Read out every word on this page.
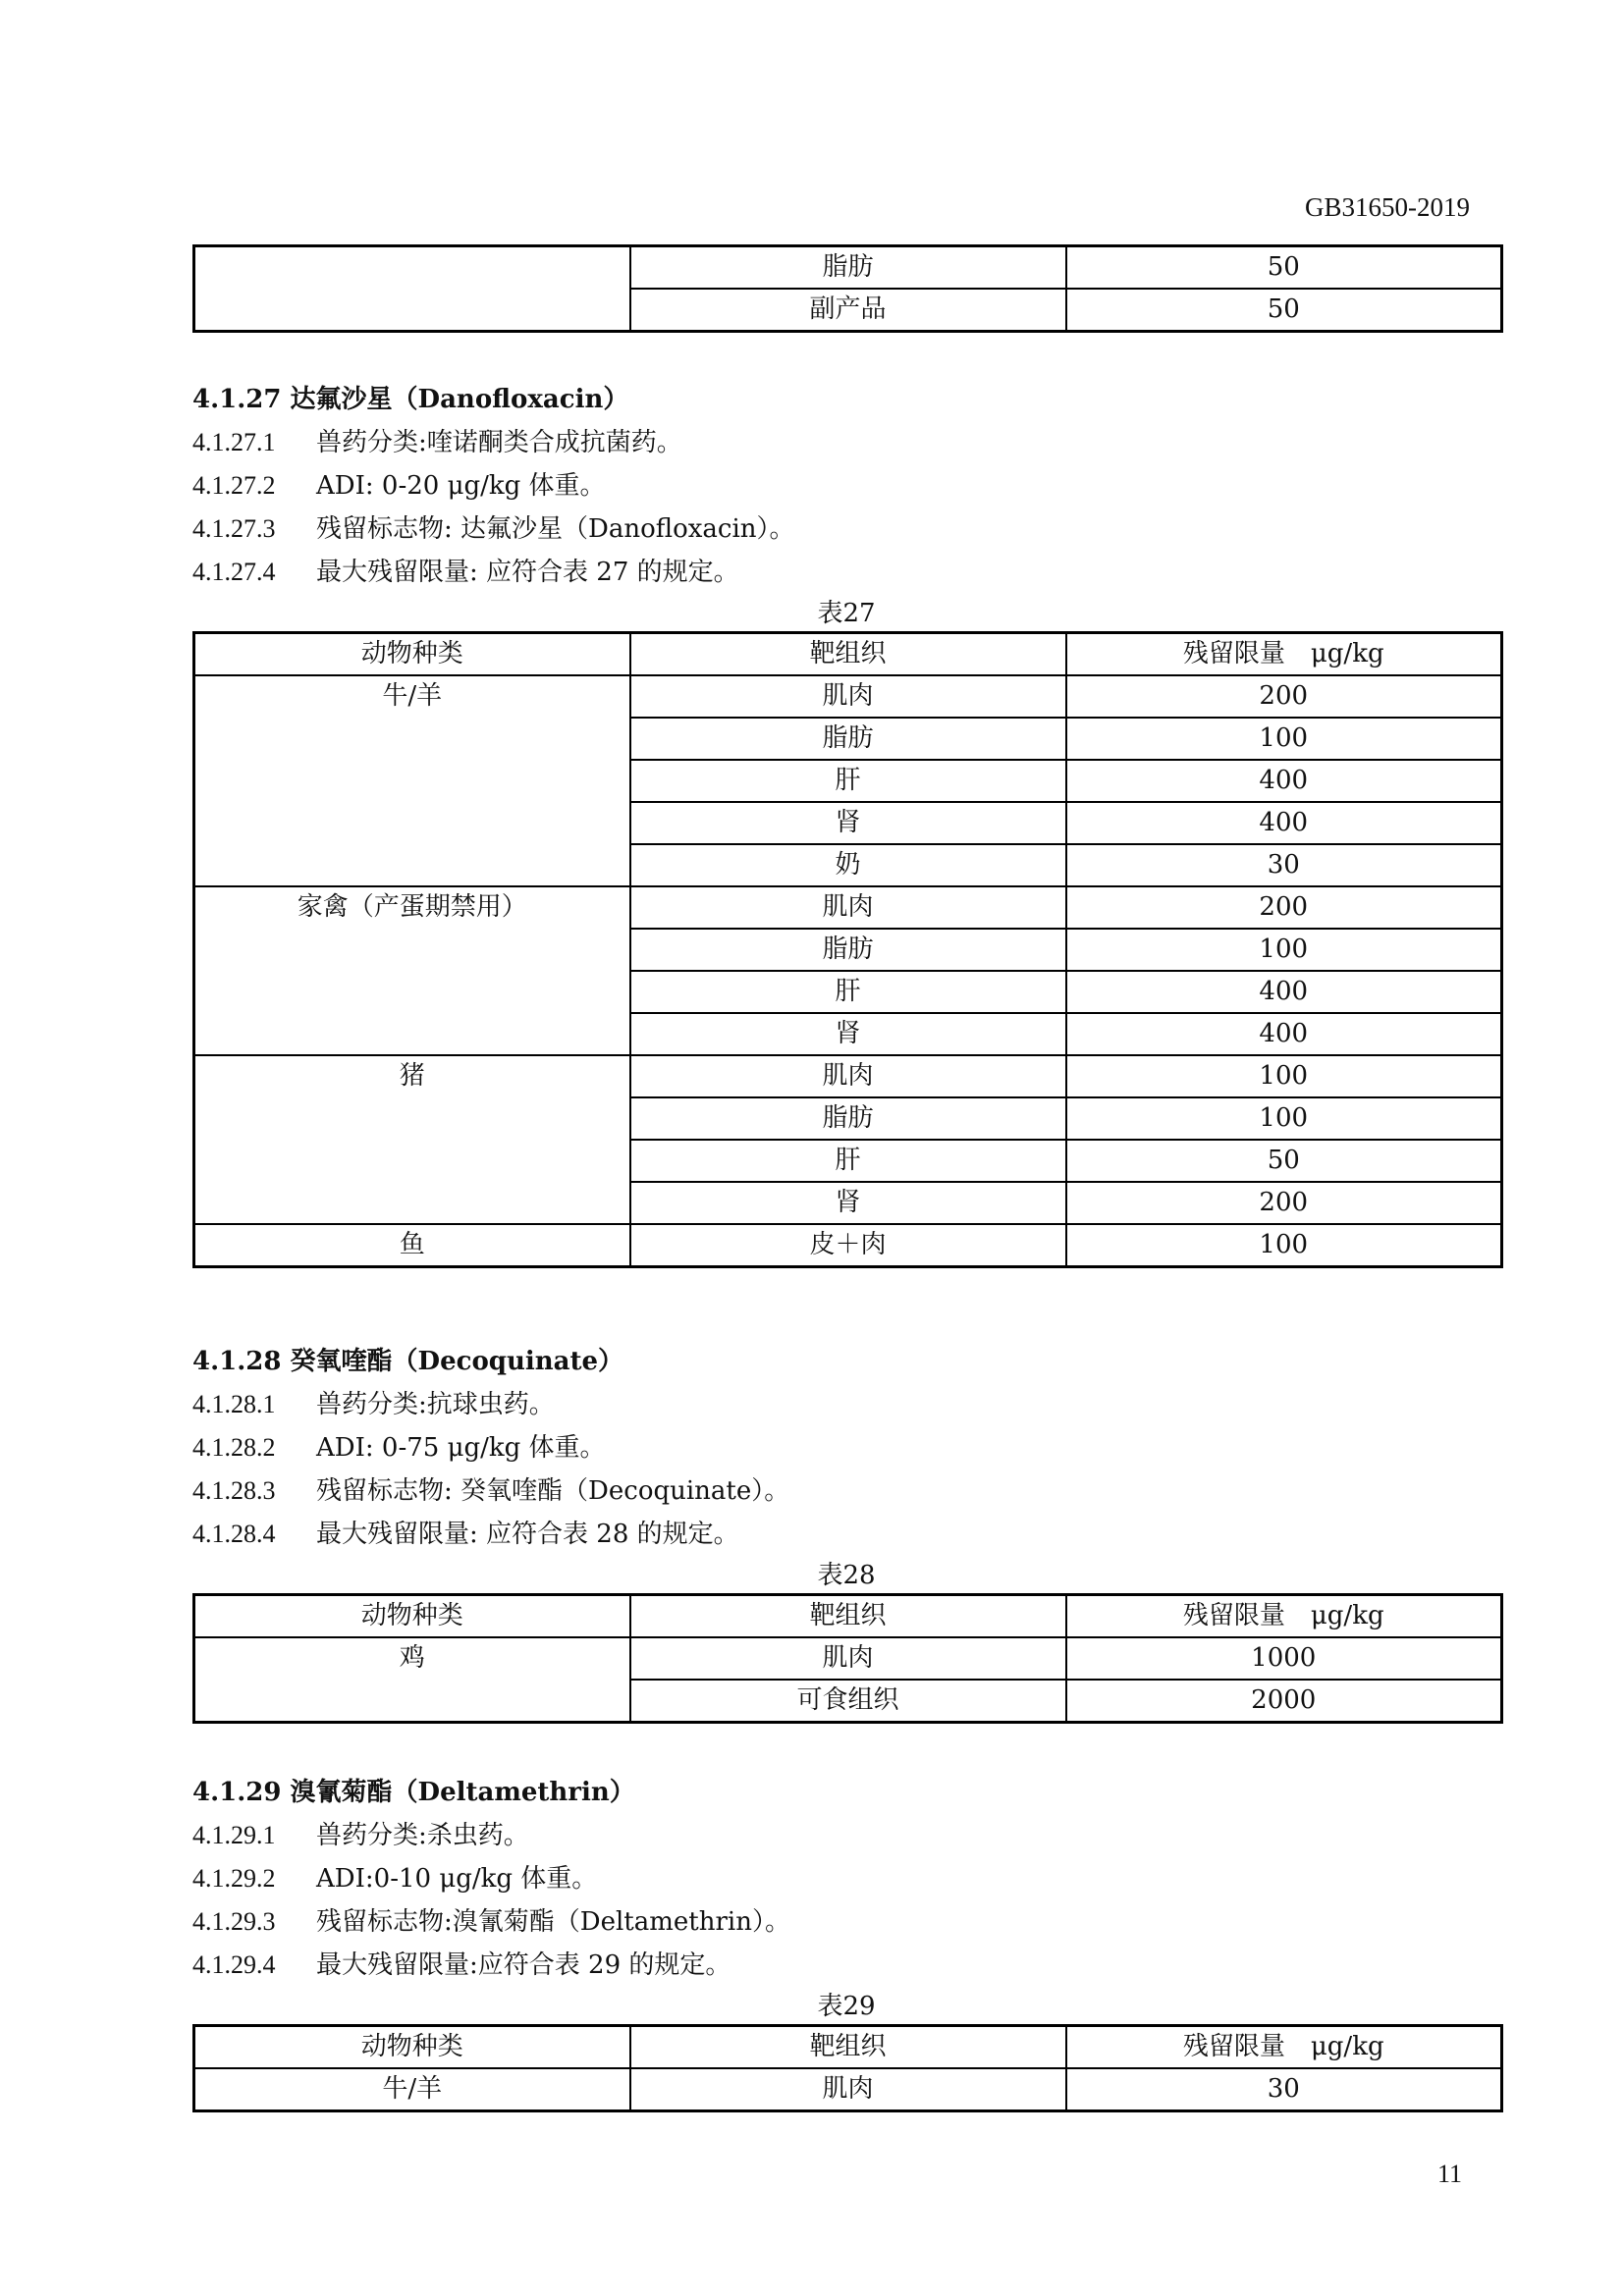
GB31650-2019
	脂肪	50
	副产品	50
4.1.27 达氟沙星（Danofloxacin）
4.1.27.1 兽药分类:喹诺酮类合成抗菌药。
4.1.27.2 ADI: 0-20 μg/kg 体重。
4.1.27.3 残留标志物: 达氟沙星（Danofloxacin）。
4.1.27.4 最大残留限量: 应符合表 27 的规定。
表27
动物种类	靶组织	残留限量　μg/kg
牛/羊	肌肉	200
	脂肪	100
	肝	400
	肾	400
	奶	30
家禽（产蛋期禁用）	肌肉	200
	脂肪	100
	肝	400
	肾	400
猪	肌肉	100
	脂肪	100
	肝	50
	肾	200
鱼	皮＋肉	100
4.1.28 癸氧喹酯（Decoquinate）
4.1.28.1 兽药分类:抗球虫药。
4.1.28.2 ADI: 0-75 μg/kg 体重。
4.1.28.3 残留标志物: 癸氧喹酯（Decoquinate）。
4.1.28.4 最大残留限量: 应符合表 28 的规定。
表28
动物种类	靶组织	残留限量　μg/kg
鸡	肌肉	1000
	可食组织	2000
4.1.29 溴氰菊酯（Deltamethrin）
4.1.29.1 兽药分类:杀虫药。
4.1.29.2 ADI:0-10 μg/kg 体重。
4.1.29.3 残留标志物:溴氰菊酯（Deltamethrin）。
4.1.29.4 最大残留限量:应符合表 29 的规定。
表29
动物种类	靶组织	残留限量　μg/kg
牛/羊	肌肉	30
11
